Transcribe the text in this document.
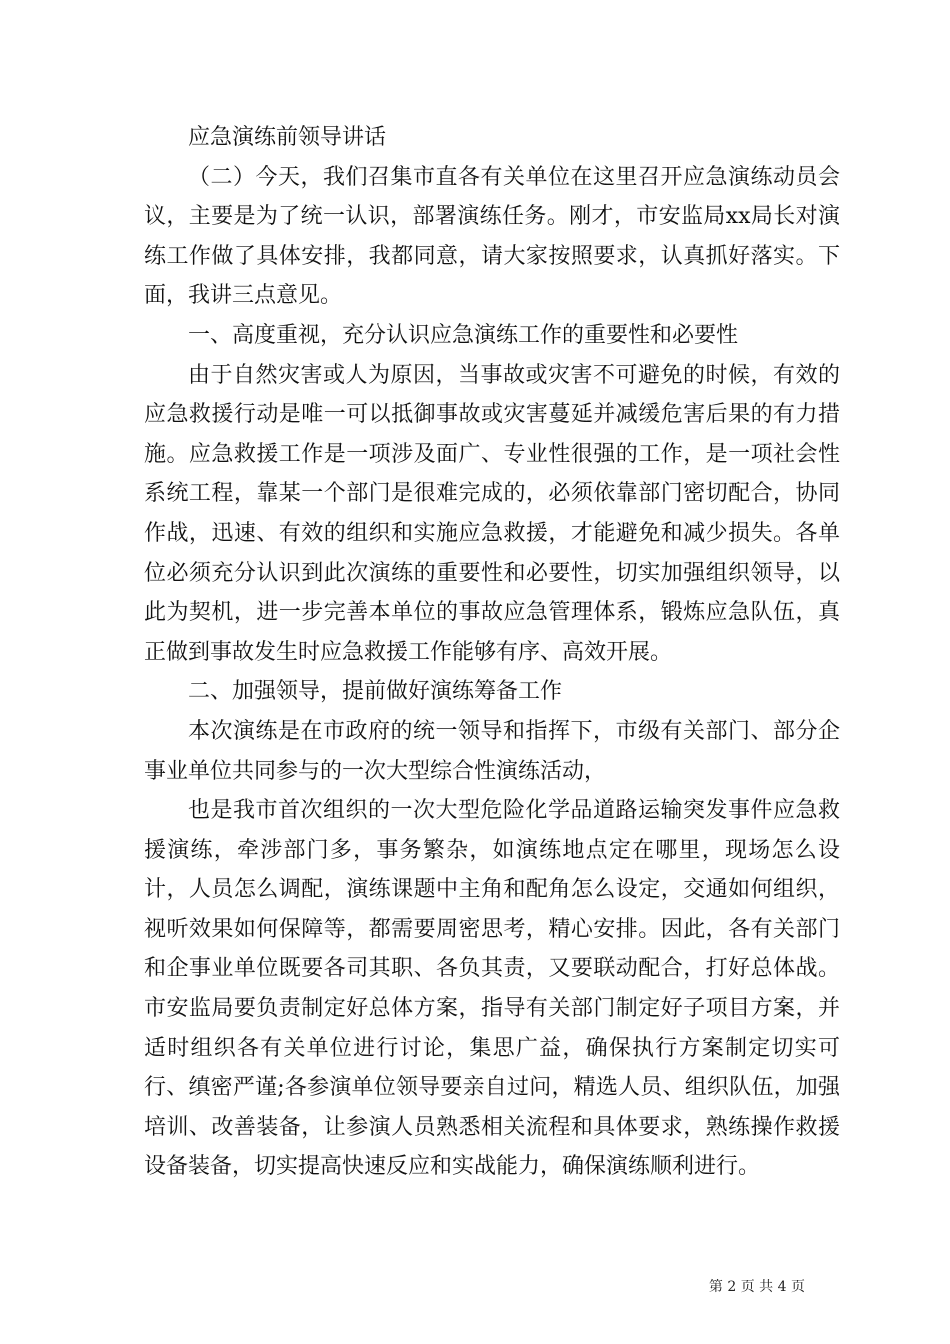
应急演练前领导讲话

（二）今天，我们召集市直各有关单位在这里召开应急演练动员会议，主要是为了统一认识，部署演练任务。刚才，市安监局xx局长对演练工作做了具体安排，我都同意，请大家按照要求，认真抓好落实。下面，我讲三点意见。

一、高度重视，充分认识应急演练工作的重要性和必要性

由于自然灾害或人为原因，当事故或灾害不可避免的时候，有效的应急救援行动是唯一可以抵御事故或灾害蔓延并减缓危害后果的有力措施。应急救援工作是一项涉及面广、专业性很强的工作，是一项社会性系统工程，靠某一个部门是很难完成的，必须依靠部门密切配合，协同作战，迅速、有效的组织和实施应急救援，才能避免和减少损失。各单位必须充分认识到此次演练的重要性和必要性，切实加强组织领导，以此为契机，进一步完善本单位的事故应急管理体系，锻炼应急队伍，真正做到事故发生时应急救援工作能够有序、高效开展。

二、加强领导，提前做好演练筹备工作

本次演练是在市政府的统一领导和指挥下，市级有关部门、部分企事业单位共同参与的一次大型综合性演练活动，

也是我市首次组织的一次大型危险化学品道路运输突发事件应急救援演练，牵涉部门多，事务繁杂，如演练地点定在哪里，现场怎么设计，人员怎么调配，演练课题中主角和配角怎么设定，交通如何组织，视听效果如何保障等，都需要周密思考，精心安排。因此，各有关部门和企事业单位既要各司其职、各负其责，又要联动配合，打好总体战。市安监局要负责制定好总体方案，指导有关部门制定好子项目方案，并适时组织各有关单位进行讨论，集思广益，确保执行方案制定切实可行、缜密严谨;各参演单位领导要亲自过问，精选人员、组织队伍，加强培训、改善装备，让参演人员熟悉相关流程和具体要求，熟练操作救援设备装备，切实提高快速反应和实战能力，确保演练顺利进行。

第 2 页 共 4 页
